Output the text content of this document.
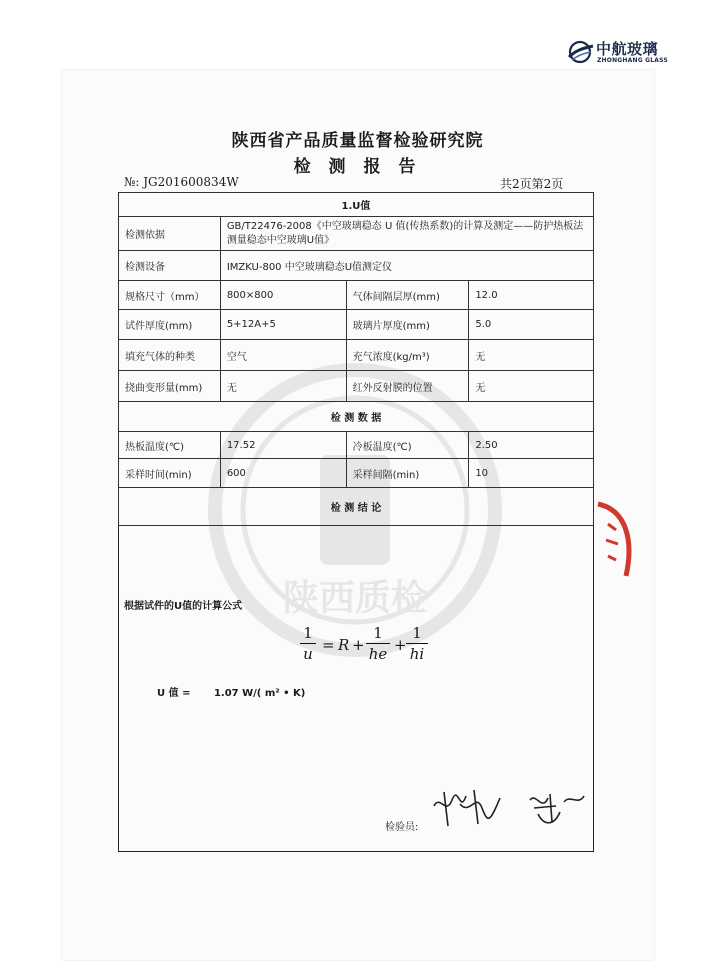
中航玻璃
ZHONGHANG GLASS
陕西省产品质量监督检验研究院
检 测 报 告
№: JG201600834W	共2页第2页
1.U值			
检测依据	GB/T22476-2008《中空玻璃稳态 U 值(传热系数)的计算及测定——防护热板法测量稳态中空玻璃U值》		
检测设备	IMZKU-800 中空玻璃稳态U值测定仪		
规格尺寸（mm）	800×800	气体间隔层厚(mm)	12.0
试件厚度(mm)	5+12A+5	玻璃片厚度(mm)	5.0
填充气体的种类	空气	充气浓度(kg/m³)	无
挠曲变形量(mm)	无	红外反射膜的位置	无
检 测 数 据			
热板温度(℃)	17.52	冷板温度(℃)	2.50
采样时间(min)	600	采样间隔(min)	10
检 测 结 论			
根据试件的U值的计算公式
1
u = R +
1
he +
1
hi
U 值 = 1.07 W/( m² • K)
检验员:
